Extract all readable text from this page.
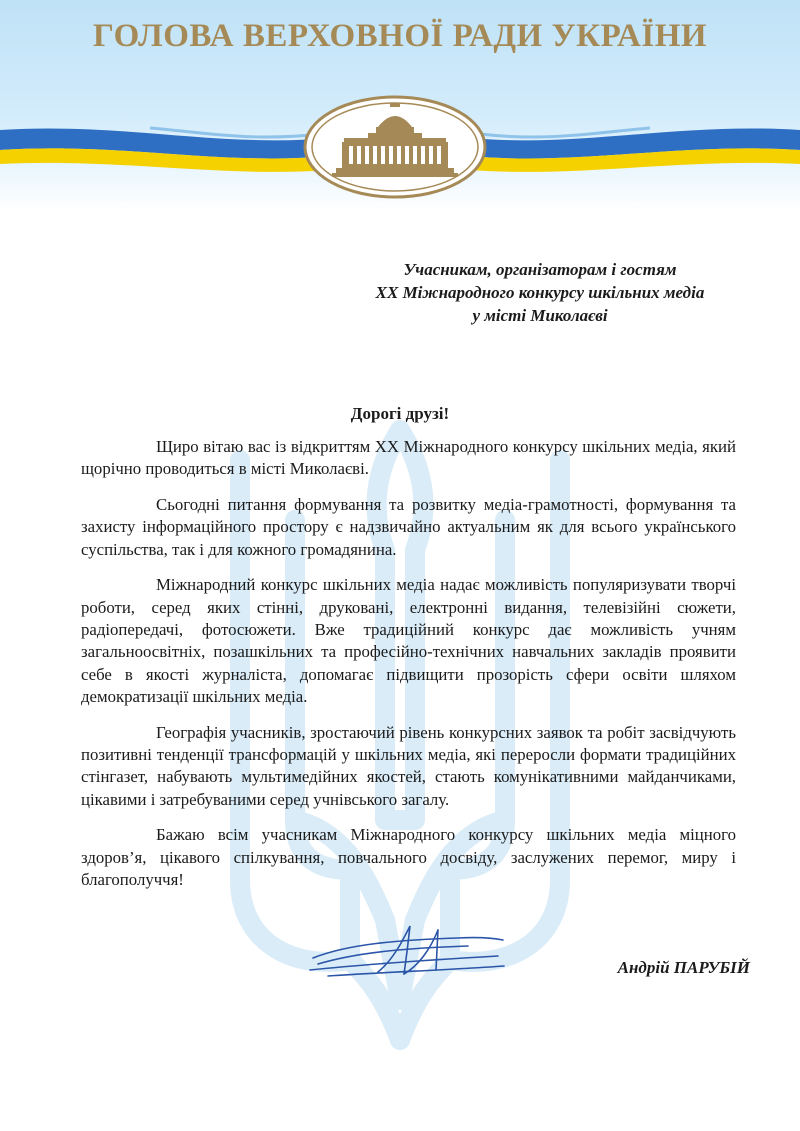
ГОЛОВА ВЕРХОВНОЇ РАДИ УКРАЇНИ
Учасникам, організаторам і гостям
ХХ Міжнародного конкурсу шкільних медіа
у місті Миколаєві
Дорогі друзі!

Щиро вітаю вас із відкриттям ХХ Міжнародного конкурсу шкільних медіа, який щорічно проводиться в місті Миколаєві.

Сьогодні питання формування та розвитку медіа-грамотності, формування та захисту інформаційного простору є надзвичайно актуальним як для всього українського суспільства, так і для кожного громадянина.

Міжнародний конкурс шкільних медіа надає можливість популяризувати творчі роботи, серед яких стінні, друковані, електронні видання, телевізійні сюжети, радіопередачі, фотосюжети. Вже традиційний конкурс дає можливість учням загальноосвітніх, позашкільних та професійно-технічних навчальних закладів проявити себе в якості журналіста, допомагає підвищити прозорість сфери освіти шляхом демократизації шкільних медіа.

Географія учасників, зростаючий рівень конкурсних заявок та робіт засвідчують позитивні тенденції трансформацій у шкільних медіа, які переросли формати традиційних стінгазет, набувають мультимедійних якостей, стають комунікативними майданчиками, цікавими і затребуваними серед учнівського загалу.

Бажаю всім учасникам Міжнародного конкурсу шкільних медіа міцного здоров’я, цікавого спілкування, повчального досвіду, заслужених перемог, миру і благополуччя!

Андрій ПАРУБІЙ
